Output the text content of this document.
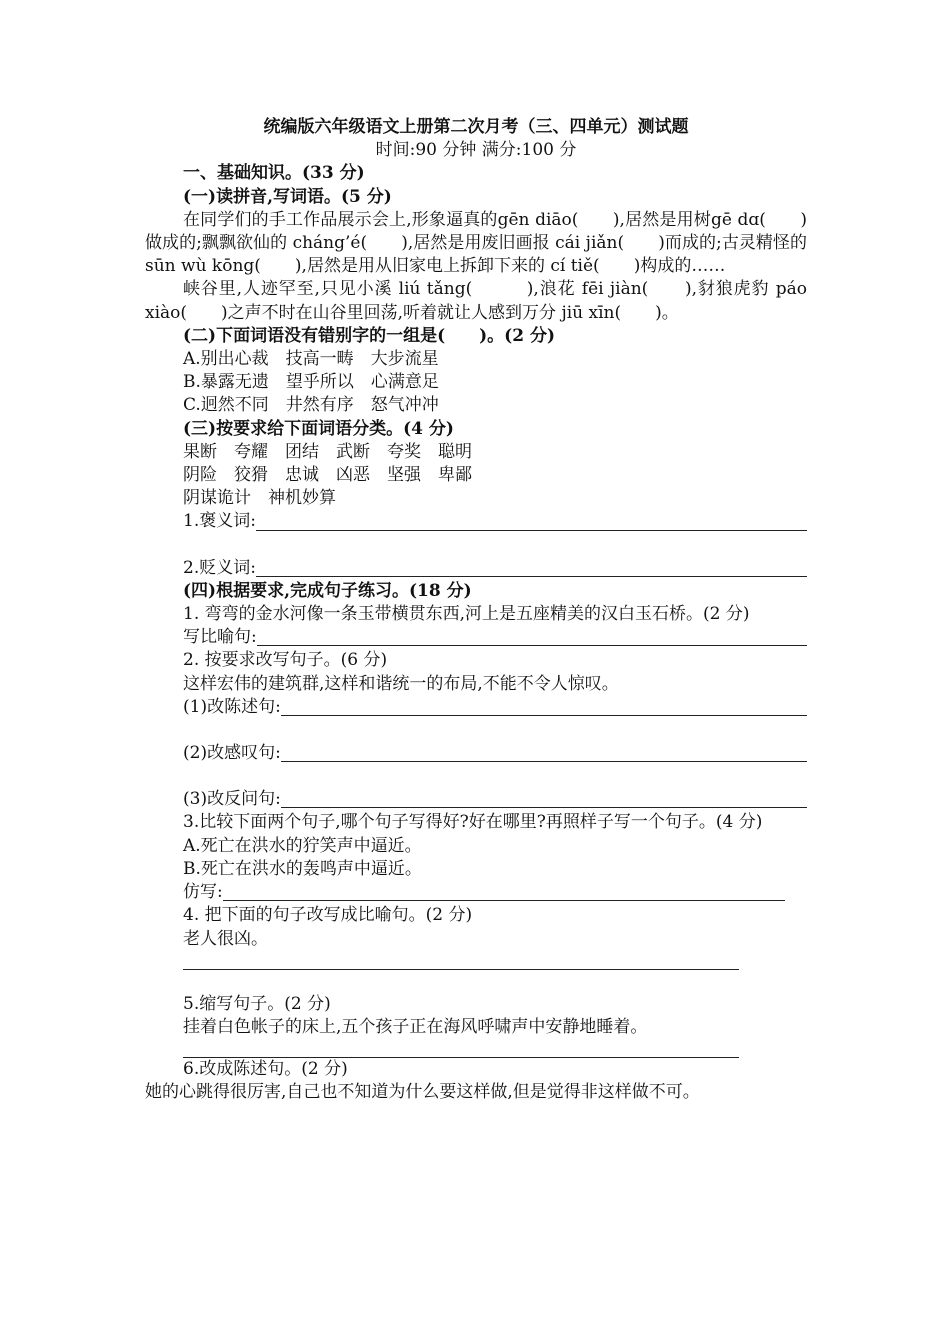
统编版六年级语文上册第二次月考（三、四单元）测试题
时间:90 分钟 满分:100 分
一、基础知识。(33 分)
(一)读拼音,写词语。(5 分)
在同学们的手工作品展示会上,形象逼真的gēn diāo(　　),居然是用树gē dɑ(　　)做成的;飘飘欲仙的 cháng’é(　　),居然是用废旧画报 cái jiǎn(　　)而成的;古灵精怪的 sūn wù kōng(　　),居然是用从旧家电上拆卸下来的 cí tiě(　　)构成的……
峡谷里,人迹罕至,只见小溪 liú tǎng(　　　),浪花 fēi jiàn(　　),豺狼虎豹 páo xiào(　　)之声不时在山谷里回荡,听着就让人感到万分 jiū xīn(　　)。
(二)下面词语没有错别字的一组是(　　)。(2 分)
A.别出心裁　技高一畴　大步流星
B.暴露无遗　望乎所以　心满意足
C.迥然不同　井然有序　怒气冲冲
(三)按要求给下面词语分类。(4 分)
果断 夸耀 团结 武断 夸奖 聪明
阴险 狡猾 忠诚 凶恶 坚强 卑鄙
阴谋诡计 神机妙算
1.褒义词:
2.贬义词:
(四)根据要求,完成句子练习。(18 分)
1. 弯弯的金水河像一条玉带横贯东西,河上是五座精美的汉白玉石桥。(2 分)
写比喻句:
2. 按要求改写句子。(6 分)
这样宏伟的建筑群,这样和谐统一的布局,不能不令人惊叹。
(1)改陈述句:
(2)改感叹句:
(3)改反问句:
3.比较下面两个句子,哪个句子写得好?好在哪里?再照样子写一个句子。(4 分)
A.死亡在洪水的狞笑声中逼近。
B.死亡在洪水的轰鸣声中逼近。
仿写:
4. 把下面的句子改写成比喻句。(2 分)
老人很凶。
5.缩写句子。(2 分)
挂着白色帐子的床上,五个孩子正在海风呼啸声中安静地睡着。
6.改成陈述句。(2 分)
她的心跳得很厉害,自己也不知道为什么要这样做,但是觉得非这样做不可。
